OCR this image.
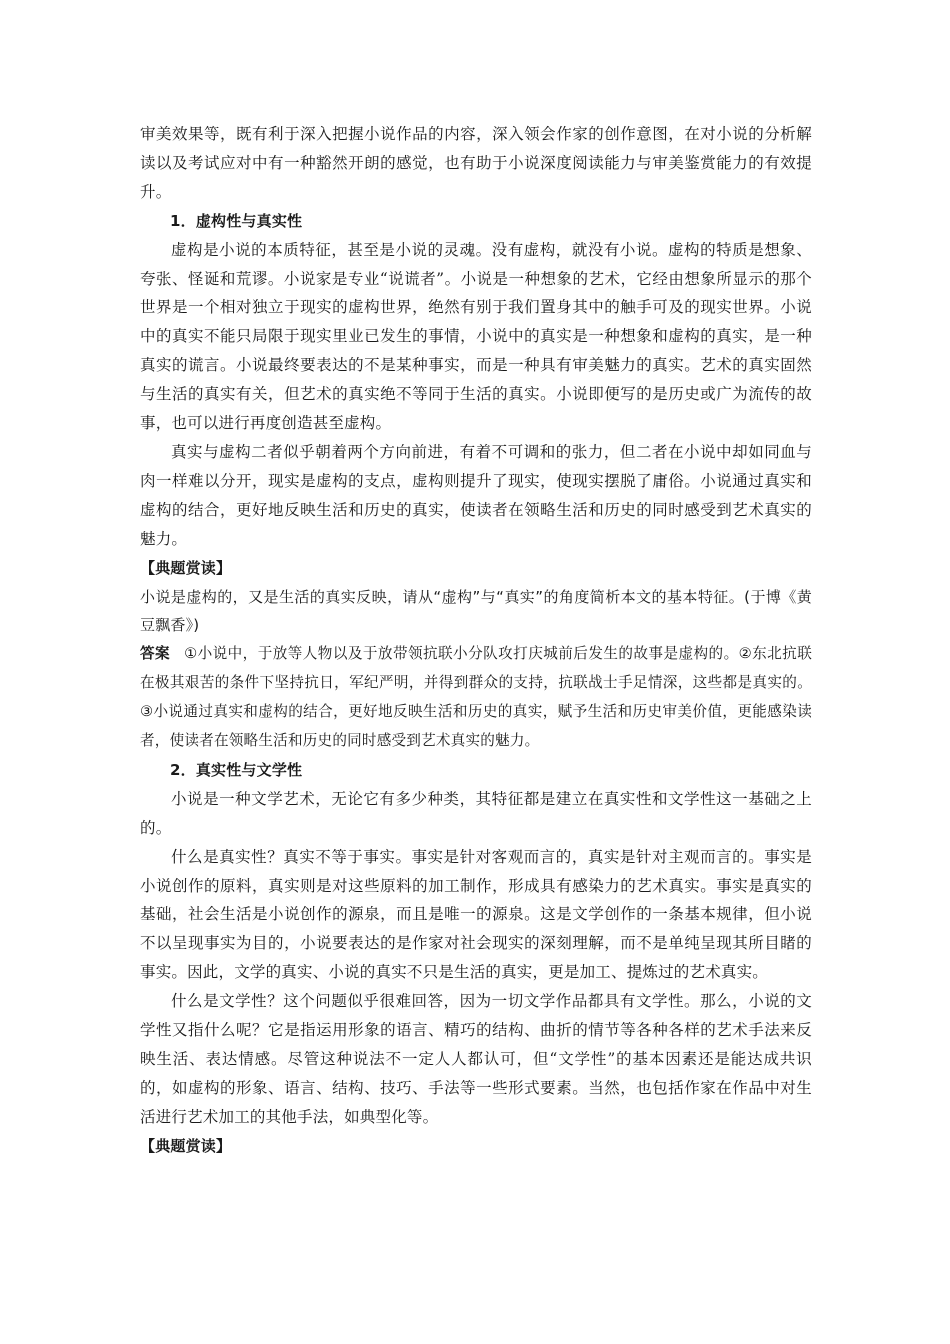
审美效果等，既有利于深入把握小说作品的内容，深入领会作家的创作意图，在对小说的分析解读以及考试应对中有一种豁然开朗的感觉，也有助于小说深度阅读能力与审美鉴赏能力的有效提升。

1．虚构性与真实性

虚构是小说的本质特征，甚至是小说的灵魂。没有虚构，就没有小说。虚构的特质是想象、夸张、怪诞和荒谬。小说家是专业“说谎者”。小说是一种想象的艺术，它经由想象所显示的那个世界是一个相对独立于现实的虚构世界，绝然有别于我们置身其中的触手可及的现实世界。小说中的真实不能只局限于现实里业已发生的事情，小说中的真实是一种想象和虚构的真实，是一种真实的谎言。小说最终要表达的不是某种事实，而是一种具有审美魅力的真实。艺术的真实固然与生活的真实有关，但艺术的真实绝不等同于生活的真实。小说即便写的是历史或广为流传的故事，也可以进行再度创造甚至虚构。

真实与虚构二者似乎朝着两个方向前进，有着不可调和的张力，但二者在小说中却如同血与肉一样难以分开，现实是虚构的支点，虚构则提升了现实，使现实摆脱了庸俗。小说通过真实和虚构的结合，更好地反映生活和历史的真实，使读者在领略生活和历史的同时感受到艺术真实的魅力。

【典题赏读】

小说是虚构的，又是生活的真实反映，请从“虚构”与“真实”的角度简析本文的基本特征。(于博《黄豆飘香》)

答案 ①小说中，于放等人物以及于放带领抗联小分队攻打庆城前后发生的故事是虚构的。②东北抗联在极其艰苦的条件下坚持抗日，军纪严明，并得到群众的支持，抗联战士手足情深，这些都是真实的。③小说通过真实和虚构的结合，更好地反映生活和历史的真实，赋予生活和历史审美价值，更能感染读者，使读者在领略生活和历史的同时感受到艺术真实的魅力。

2．真实性与文学性

小说是一种文学艺术，无论它有多少种类，其特征都是建立在真实性和文学性这一基础之上的。

什么是真实性？真实不等于事实。事实是针对客观而言的，真实是针对主观而言的。事实是小说创作的原料，真实则是对这些原料的加工制作，形成具有感染力的艺术真实。事实是真实的基础，社会生活是小说创作的源泉，而且是唯一的源泉。这是文学创作的一条基本规律，但小说不以呈现事实为目的，小说要表达的是作家对社会现实的深刻理解，而不是单纯呈现其所目睹的事实。因此，文学的真实、小说的真实不只是生活的真实，更是加工、提炼过的艺术真实。

什么是文学性？这个问题似乎很难回答，因为一切文学作品都具有文学性。那么，小说的文学性又指什么呢？它是指运用形象的语言、精巧的结构、曲折的情节等各种各样的艺术手法来反映生活、表达情感。尽管这种说法不一定人人都认可，但“文学性”的基本因素还是能达成共识的，如虚构的形象、语言、结构、技巧、手法等一些形式要素。当然，也包括作家在作品中对生活进行艺术加工的其他手法，如典型化等。

【典题赏读】
